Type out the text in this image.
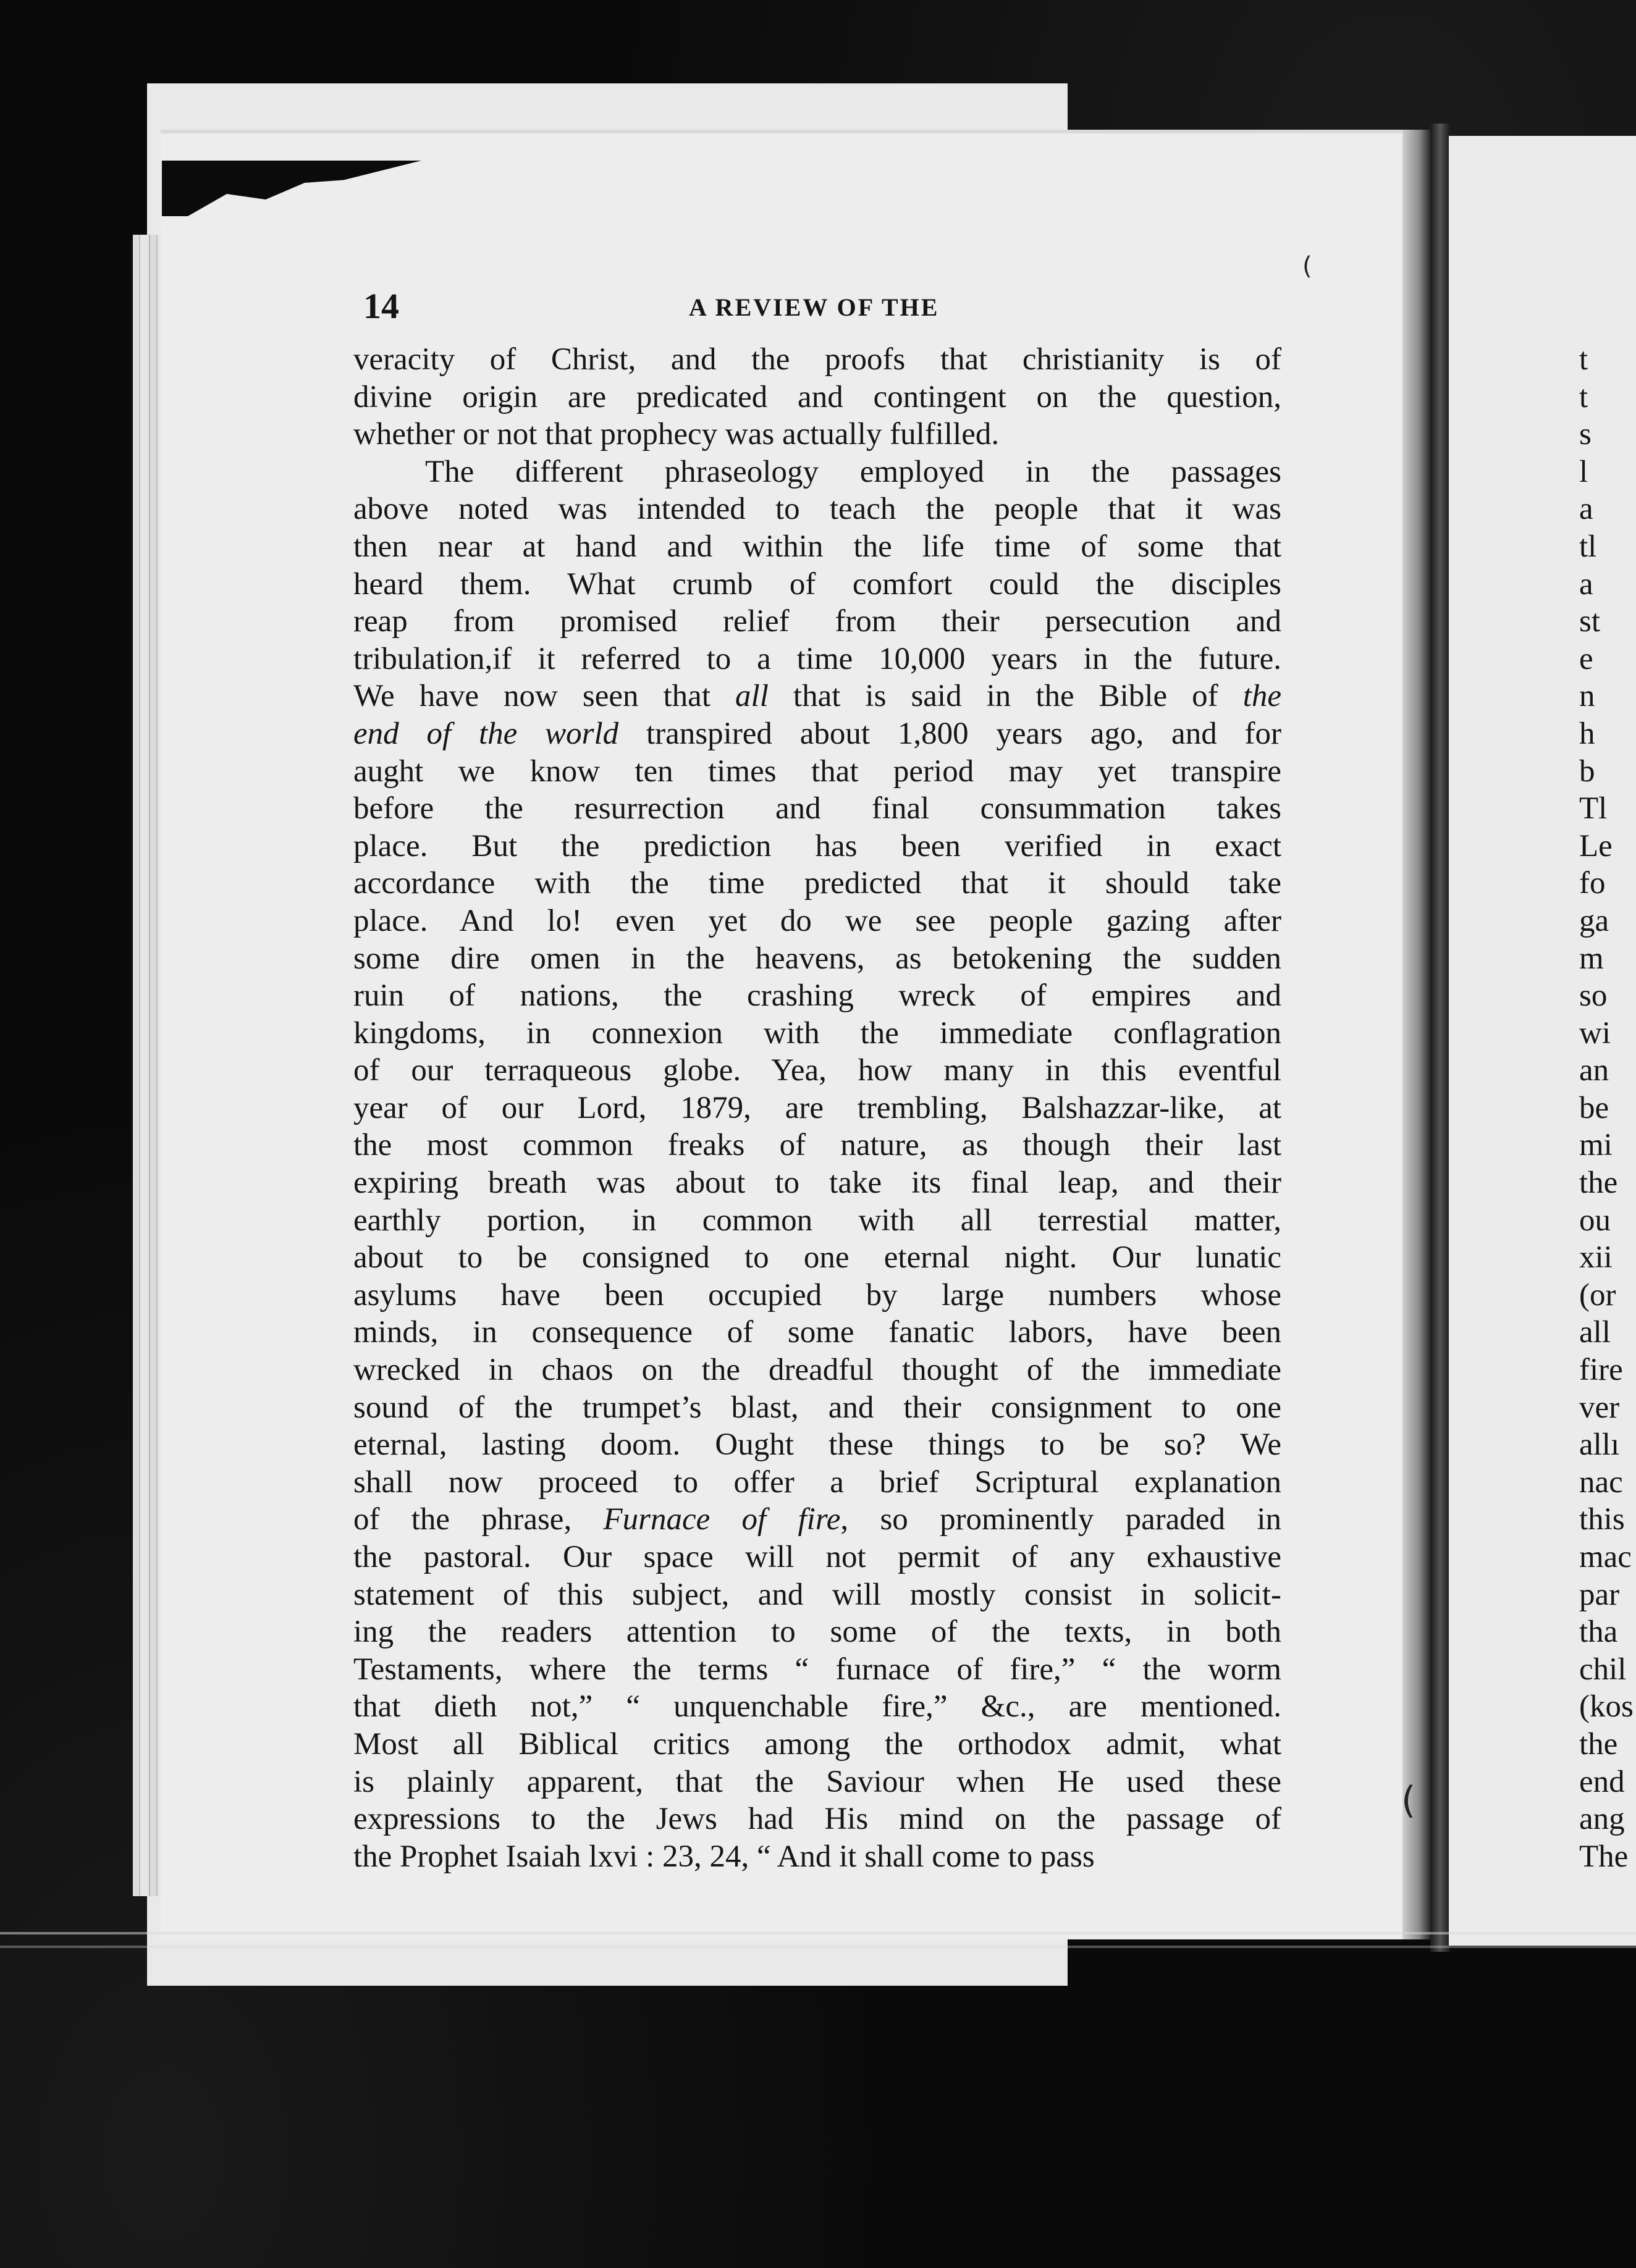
14	A REVIEW OF THE
veracity of Christ, and the proofs that christianity is of
divine origin are predicated and contingent on the question,
whether or not that prophecy was actually fulfilled.
The different phraseology employed in the passages
above noted was intended to teach the people that it was
then near at hand and within the life time of some that
heard them. What crumb of comfort could the disciples
reap from promised relief from their persecution and
tribulation,if it referred to a time 10,000 years in the future.
We have now seen that all that is said in the Bible of the
end of the world transpired about 1,800 years ago, and for
aught we know ten times that period may yet transpire
before the resurrection and final consummation takes
place. But the prediction has been verified in exact
accordance with the time predicted that it should take
place. And lo! even yet do we see people gazing after
some dire omen in the heavens, as betokening the sudden
ruin of nations, the crashing wreck of empires and
kingdoms, in connexion with the immediate conflagration
of our terraqueous globe. Yea, how many in this eventful
year of our Lord, 1879, are trembling, Balshazzar-like, at
the most common freaks of nature, as though their last
expiring breath was about to take its final leap, and their
earthly portion, in common with all terrestial matter,
about to be consigned to one eternal night. Our lunatic
asylums have been occupied by large numbers whose
minds, in consequence of some fanatic labors, have been
wrecked in chaos on the dreadful thought of the immediate
sound of the trumpet’s blast, and their consignment to one
eternal, lasting doom. Ought these things to be so? We
shall now proceed to offer a brief Scriptural explanation
of the phrase, Furnace of fire, so prominently paraded in
the pastoral. Our space will not permit of any exhaustive
statement of this subject, and will mostly consist in solicit-
ing the readers attention to some of the texts, in both
Testaments, where the terms “ furnace of fire,” “ the worm
that dieth not,” “ unquenchable fire,” &c., are mentioned.
Most all Biblical critics among the orthodox admit, what
is plainly apparent, that the Saviour when He used these
expressions to the Jews had His mind on the passage of
the Prophet Isaiah lxvi : 23, 24, “ And it shall come to pass
t
t
s
l
a
tl
a
st
e
n
h
b
Tl
Le
fo
ga
m
so
wi
an
be
mi
the
ou
xii
(or
all
fire
ver
allı
nac
this
mac
par
tha
chil
(kos
the
end
ang
The
(
(
